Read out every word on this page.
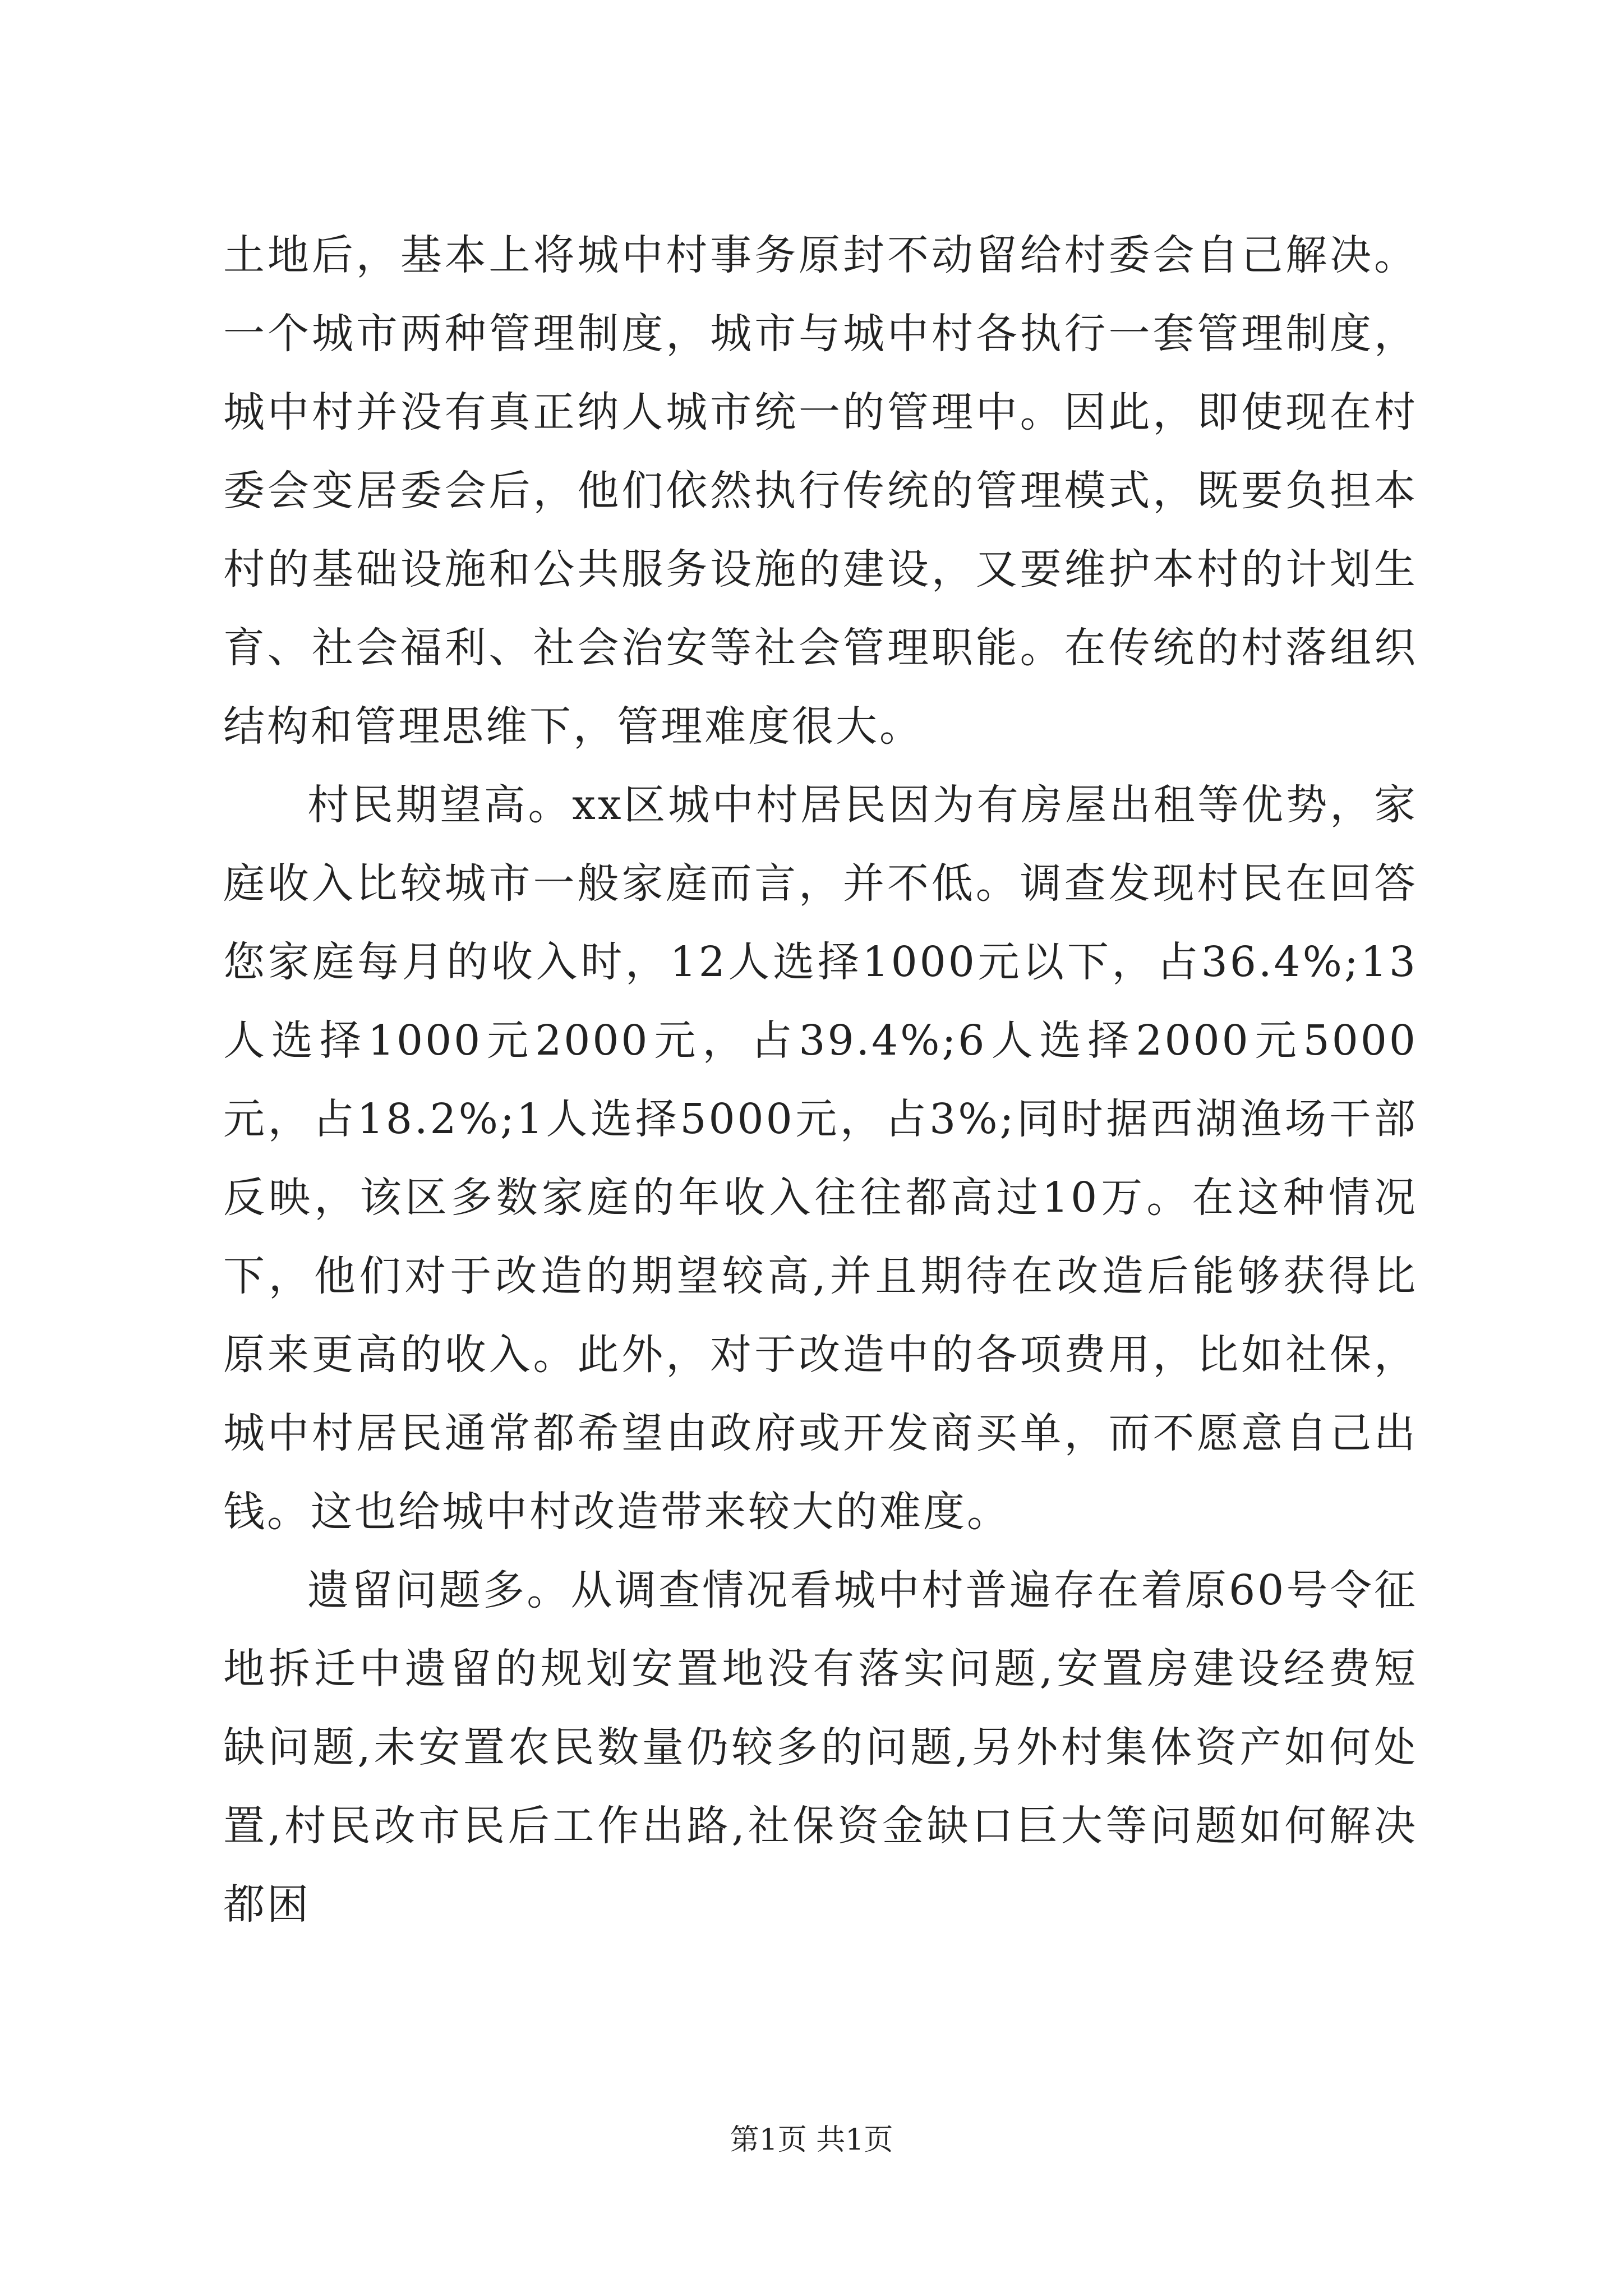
土地后，基本上将城中村事务原封不动留给村委会自己解决。一个城市两种管理制度，城市与城中村各执行一套管理制度，城中村并没有真正纳人城市统一的管理中。因此，即使现在村委会变居委会后，他们依然执行传统的管理模式，既要负担本村的基础设施和公共服务设施的建设，又要维护本村的计划生育、社会福利、社会治安等社会管理职能。在传统的村落组织结构和管理思维下，管理难度很大。

村民期望高。xx区城中村居民因为有房屋出租等优势，家庭收入比较城市一般家庭而言，并不低。调查发现村民在回答您家庭每月的收入时，12人选择1000元以下，占36.4%;13人选择1000元2000元，占39.4%;6人选择2000元5000元，占18.2%;1人选择5000元，占3%;同时据西湖渔场干部反映，该区多数家庭的年收入往往都高过10万。在这种情况下，他们对于改造的期望较高,并且期待在改造后能够获得比原来更高的收入。此外，对于改造中的各项费用，比如社保，城中村居民通常都希望由政府或开发商买单，而不愿意自己出钱。这也给城中村改造带来较大的难度。

遗留问题多。从调查情况看城中村普遍存在着原60号令征地拆迁中遗留的规划安置地没有落实问题,安置房建设经费短缺问题,未安置农民数量仍较多的问题,另外村集体资产如何处置,村民改市民后工作出路,社保资金缺口巨大等问题如何解决都困

第1页 共1页
